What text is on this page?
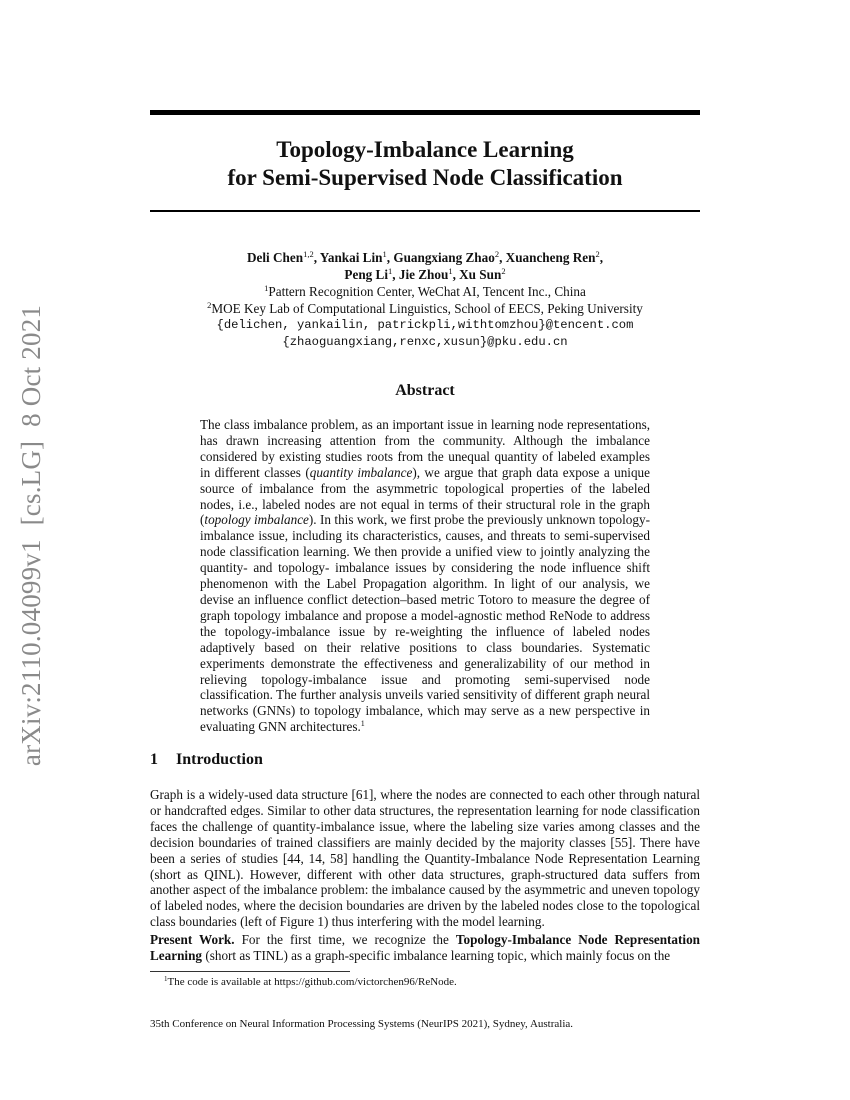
arXiv:2110.04099v1  [cs.LG]  8 Oct 2021
Topology-Imbalance Learning
for Semi-Supervised Node Classification
Deli Chen$^{1,2}$, Yankai Lin$^1$, Guangxiang Zhao$^2$, Xuancheng Ren$^2$,
Peng Li$^1$, Jie Zhou$^1$, Xu Sun$^2$
$^1$Pattern Recognition Center, WeChat AI, Tencent Inc., China
$^2$MOE Key Lab of Computational Linguistics, School of EECS, Peking University
{delichen, yankailin, patrickpli,withtomzhou}@tencent.com
{zhaoguangxiang,renxc,xusun}@pku.edu.cn
Abstract
The class imbalance problem, as an important issue in learning node representations, has drawn increasing attention from the community. Although the imbalance considered by existing studies roots from the unequal quantity of labeled examples in different classes (quantity imbalance), we argue that graph data expose a unique source of imbalance from the asymmetric topological properties of the labeled nodes, i.e., labeled nodes are not equal in terms of their structural role in the graph (topology imbalance). In this work, we first probe the previously unknown topology-imbalance issue, including its characteristics, causes, and threats to semi-supervised node classification learning. We then provide a unified view to jointly analyzing the quantity- and topology- imbalance issues by considering the node influence shift phenomenon with the Label Propagation algorithm. In light of our analysis, we devise an influence conflict detection–based metric Totoro to measure the degree of graph topology imbalance and propose a model-agnostic method ReNode to address the topology-imbalance issue by re-weighting the influence of labeled nodes adaptively based on their relative positions to class boundaries. Systematic experiments demonstrate the effectiveness and generalizability of our method in relieving topology-imbalance issue and promoting semi-supervised node classification. The further analysis unveils varied sensitivity of different graph neural networks (GNNs) to topology imbalance, which may serve as a new perspective in evaluating GNN architectures.$^1$
1 Introduction
Graph is a widely-used data structure [61], where the nodes are connected to each other through natural or handcrafted edges. Similar to other data structures, the representation learning for node classification faces the challenge of quantity-imbalance issue, where the labeling size varies among classes and the decision boundaries of trained classifiers are mainly decided by the majority classes [55]. There have been a series of studies [44, 14, 58] handling the Quantity-Imbalance Node Representation Learning (short as QINL). However, different with other data structures, graph-structured data suffers from another aspect of the imbalance problem: the imbalance caused by the asymmetric and uneven topology of labeled nodes, where the decision boundaries are driven by the labeled nodes close to the topological class boundaries (left of Figure 1) thus interfering with the model learning.
Present Work. For the first time, we recognize the Topology-Imbalance Node Representation Learning (short as TINL) as a graph-specific imbalance learning topic, which mainly focus on the
$^1$The code is available at https://github.com/victorchen96/ReNode.
35th Conference on Neural Information Processing Systems (NeurIPS 2021), Sydney, Australia.
